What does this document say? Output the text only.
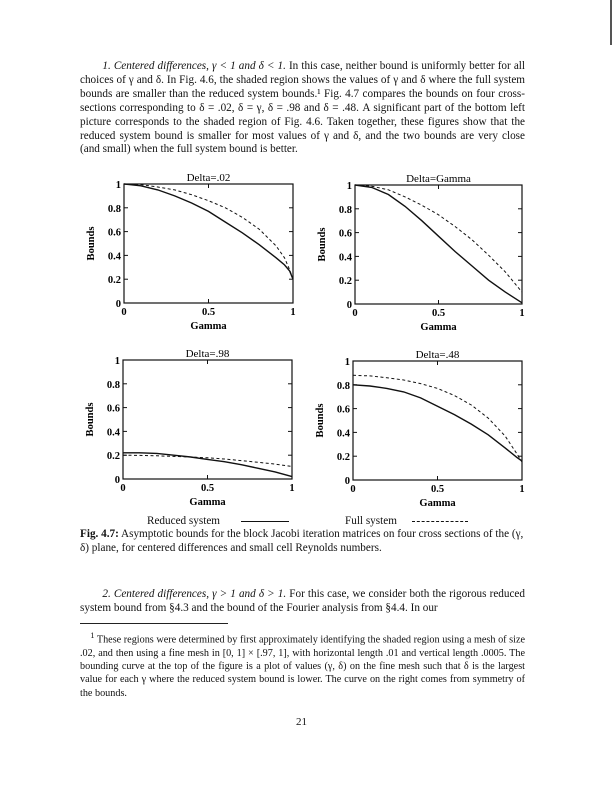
  1. Centered differences, γ < 1 and δ < 1. In this case, neither bound is uniformly better for all choices of γ and δ. In Fig. 4.6, the shaded region shows the values of γ and δ where the full system bounds are smaller than the reduced system bounds.¹ Fig. 4.7 compares the bounds on four cross-sections corresponding to δ = .02, δ = γ, δ = .98 and δ = .48. A significant part of the bottom left picture corresponds to the shaded region of Fig. 4.6. Taken together, these figures show that the reduced system bound is smaller for most values of γ and δ, and the two bounds are very close (and small) when the full system bound is better.
Delta=.02
0
0.2
0.4
0.6
0.8
1
0	0.5	1
Gamma
Bounds
Delta=Gamma
0
0.2
0.4
0.6
0.8
1
0	0.5	1
Gamma
Bounds
Delta=.98
0
0.2
0.4
0.6
0.8
1
0	0.5	1
Gamma
Bounds
Delta=.48
0
0.2
0.4
0.6
0.8
1
0	0.5	1
Gamma
Bounds
Reduced system	Full system
Fig. 4.7: Asymptotic bounds for the block Jacobi iteration matrices on four cross sections of the (γ, δ) plane, for centered differences and small cell Reynolds numbers.
  2. Centered differences, γ > 1 and δ > 1. For this case, we consider both the rigorous reduced system bound from §4.3 and the bound of the Fourier analysis from §4.4. In our
 $^1$ These regions were determined by first approximately identifying the shaded region using a mesh of size .02, and then using a fine mesh in [0, 1] × [.97, 1], with horizontal length .01 and vertical length .0005. The bounding curve at the top of the figure is a plot of values (γ, δ) on the fine mesh such that δ is the largest value for each γ where the reduced system bound is lower. The curve on the right comes from symmetry of the bounds.
21
